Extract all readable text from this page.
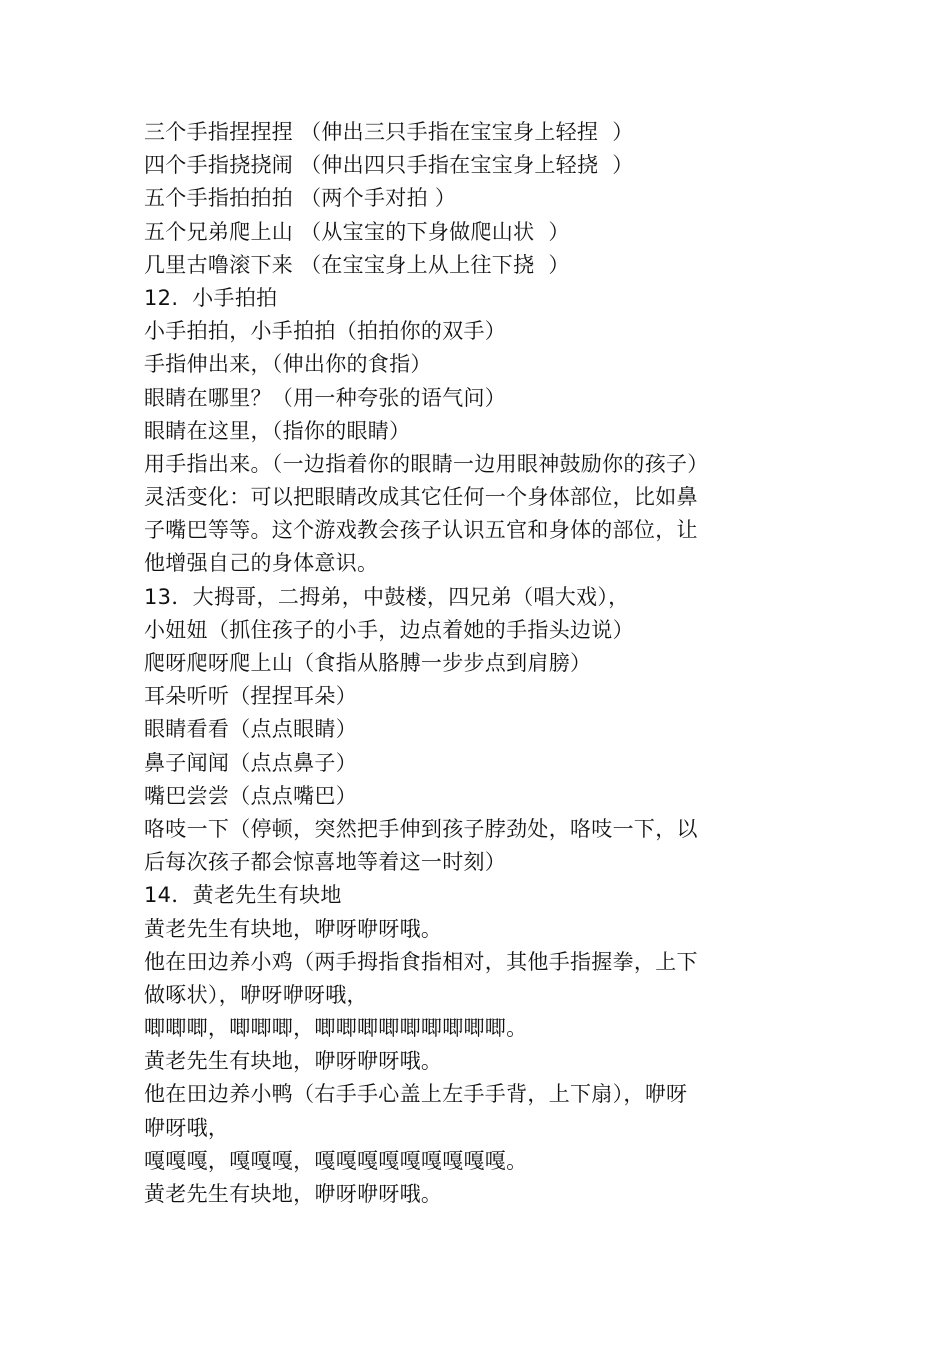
三个手指捏捏捏 （伸出三只手指在宝宝身上轻捏  ）
四个手指挠挠闹 （伸出四只手指在宝宝身上轻挠  ）
五个手指拍拍拍 （两个手对拍 ）
五个兄弟爬上山 （从宝宝的下身做爬山状  ）
几里古噜滚下来 （在宝宝身上从上往下挠  ）
12.  小手拍拍
小手拍拍，小手拍拍（拍拍你的双手）
手指伸出来，（伸出你的食指）
眼睛在哪里？（用一种夸张的语气问）
眼睛在这里，（指你的眼睛）
用手指出来。（一边指着你的眼睛一边用眼神鼓励你的孩子）
灵活变化：可以把眼睛改成其它任何一个身体部位，比如鼻
子嘴巴等等。这个游戏教会孩子认识五官和身体的部位，让
他增强自己的身体意识。
13．大拇哥，二拇弟，中鼓楼，四兄弟（唱大戏），
小妞妞（抓住孩子的小手，边点着她的手指头边说）
爬呀爬呀爬上山（食指从胳膊一步步点到肩膀）
耳朵听听（捏捏耳朵）
眼睛看看（点点眼睛）
鼻子闻闻（点点鼻子）
嘴巴尝尝（点点嘴巴）
咯吱一下（停顿，突然把手伸到孩子脖劲处，咯吱一下，以
后每次孩子都会惊喜地等着这一时刻）
14．黄老先生有块地
黄老先生有块地，咿呀咿呀哦。
他在田边养小鸡（两手拇指食指相对，其他手指握拳，上下
做啄状），咿呀咿呀哦，
唧唧唧，唧唧唧，唧唧唧唧唧唧唧唧唧。
黄老先生有块地，咿呀咿呀哦。
他在田边养小鸭（右手手心盖上左手手背，上下扇），咿呀
咿呀哦，
嘎嘎嘎，嘎嘎嘎，嘎嘎嘎嘎嘎嘎嘎嘎嘎。
黄老先生有块地，咿呀咿呀哦。
